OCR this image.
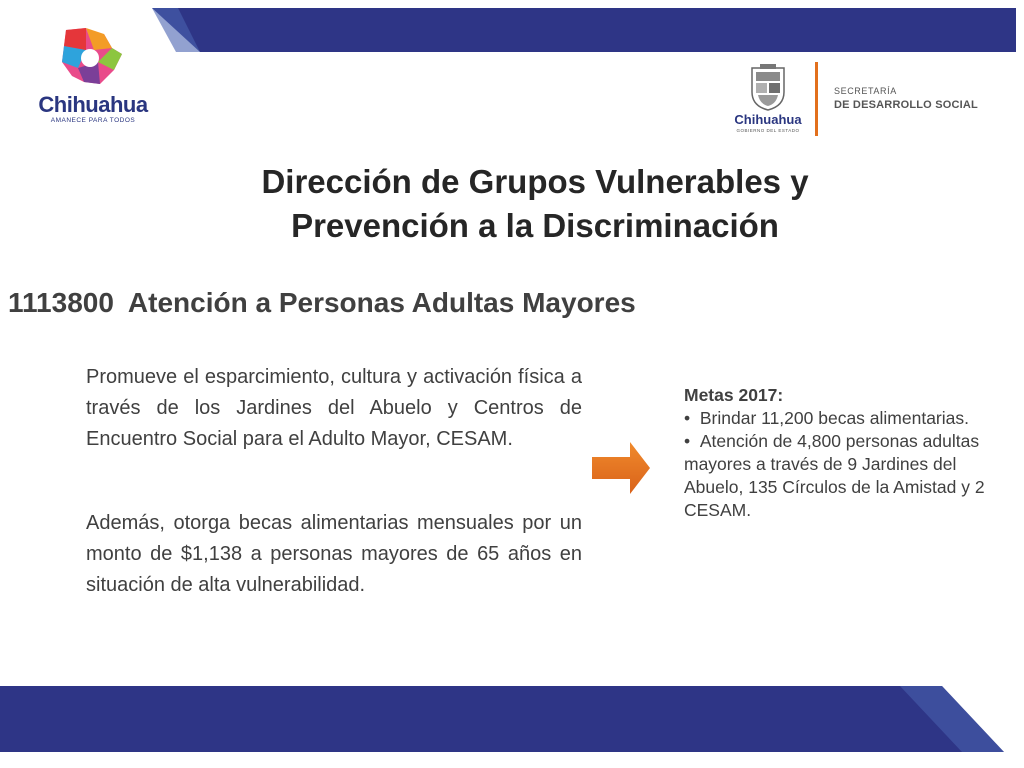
Chihuahua
AMANECE PARA TODOS	Chihuahua
GOBIERNO DEL ESTADO
SECRETARÍA
DE DESARROLLO SOCIAL
Dirección de Grupos Vulnerables y
Prevención a la Discriminación
1113800 Atención a Personas Adultas Mayores

Promueve el esparcimiento, cultura y activación física a través de los Jardines del Abuelo y Centros de Encuentro Social para el Adulto Mayor, CESAM.

Además, otorga becas alimentarias mensuales por un monto de $1,138 a personas mayores de 65 años en situación de alta vulnerabilidad.

Metas 2017:
•  Brindar 11,200 becas alimentarias.
•  Atención de 4,800 personas adultas mayores a través de 9 Jardines del Abuelo, 135 Círculos de la Amistad y 2 CESAM.
